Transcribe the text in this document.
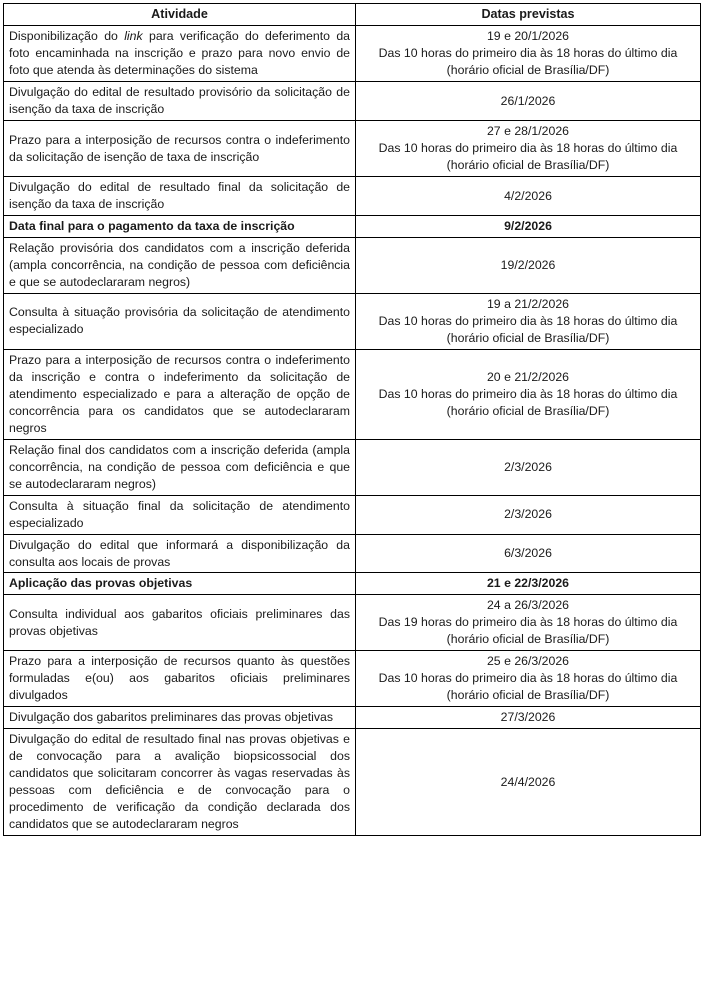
Atividade	Datas previstas
Disponibilização do link para verificação do deferimento da foto encaminhada na inscrição e prazo para novo envio de foto que atenda às determinações do sistema	19 e 20/1/2026
Das 10 horas do primeiro dia às 18 horas do último dia (horário oficial de Brasília/DF)

Divulgação do edital de resultado provisório da solicitação de isenção da taxa de inscrição	26/1/2026

Prazo para a interposição de recursos contra o indeferimento da solicitação de isenção de taxa de inscrição	27 e 28/1/2026
Das 10 horas do primeiro dia às 18 horas do último dia (horário oficial de Brasília/DF)

Divulgação do edital de resultado final da solicitação de isenção da taxa de inscrição	4/2/2026

Data final para o pagamento da taxa de inscrição	9/2/2026

Relação provisória dos candidatos com a inscrição deferida (ampla concorrência, na condição de pessoa com deficiência e que se autodeclararam negros)	19/2/2026

Consulta à situação provisória da solicitação de atendimento especializado	19 a 21/2/2026
Das 10 horas do primeiro dia às 18 horas do último dia (horário oficial de Brasília/DF)

Prazo para a interposição de recursos contra o indeferimento da inscrição e contra o indeferimento da solicitação de atendimento especializado e para a alteração de opção de concorrência para os candidatos que se autodeclararam negros	20 e 21/2/2026
Das 10 horas do primeiro dia às 18 horas do último dia (horário oficial de Brasília/DF)

Relação final dos candidatos com a inscrição deferida (ampla concorrência, na condição de pessoa com deficiência e que se autodeclararam negros)	2/3/2026

Consulta à situação final da solicitação de atendimento especializado	2/3/2026

Divulgação do edital que informará a disponibilização da consulta aos locais de provas	6/3/2026

Aplicação das provas objetivas	21 e 22/3/2026

Consulta individual aos gabaritos oficiais preliminares das provas objetivas	24 a 26/3/2026
Das 19 horas do primeiro dia às 18 horas do último dia (horário oficial de Brasília/DF)

Prazo para a interposição de recursos quanto às questões formuladas e(ou) aos gabaritos oficiais preliminares divulgados	25 e 26/3/2026
Das 10 horas do primeiro dia às 18 horas do último dia (horário oficial de Brasília/DF)

Divulgação dos gabaritos preliminares das provas objetivas	27/3/2026

Divulgação do edital de resultado final nas provas objetivas e de convocação para a avalição biopsicossocial dos candidatos que solicitaram concorrer às vagas reservadas às pessoas com deficiência e de convocação para o procedimento de verificação da condição declarada dos candidatos que se autodeclararam negros	24/4/2026
